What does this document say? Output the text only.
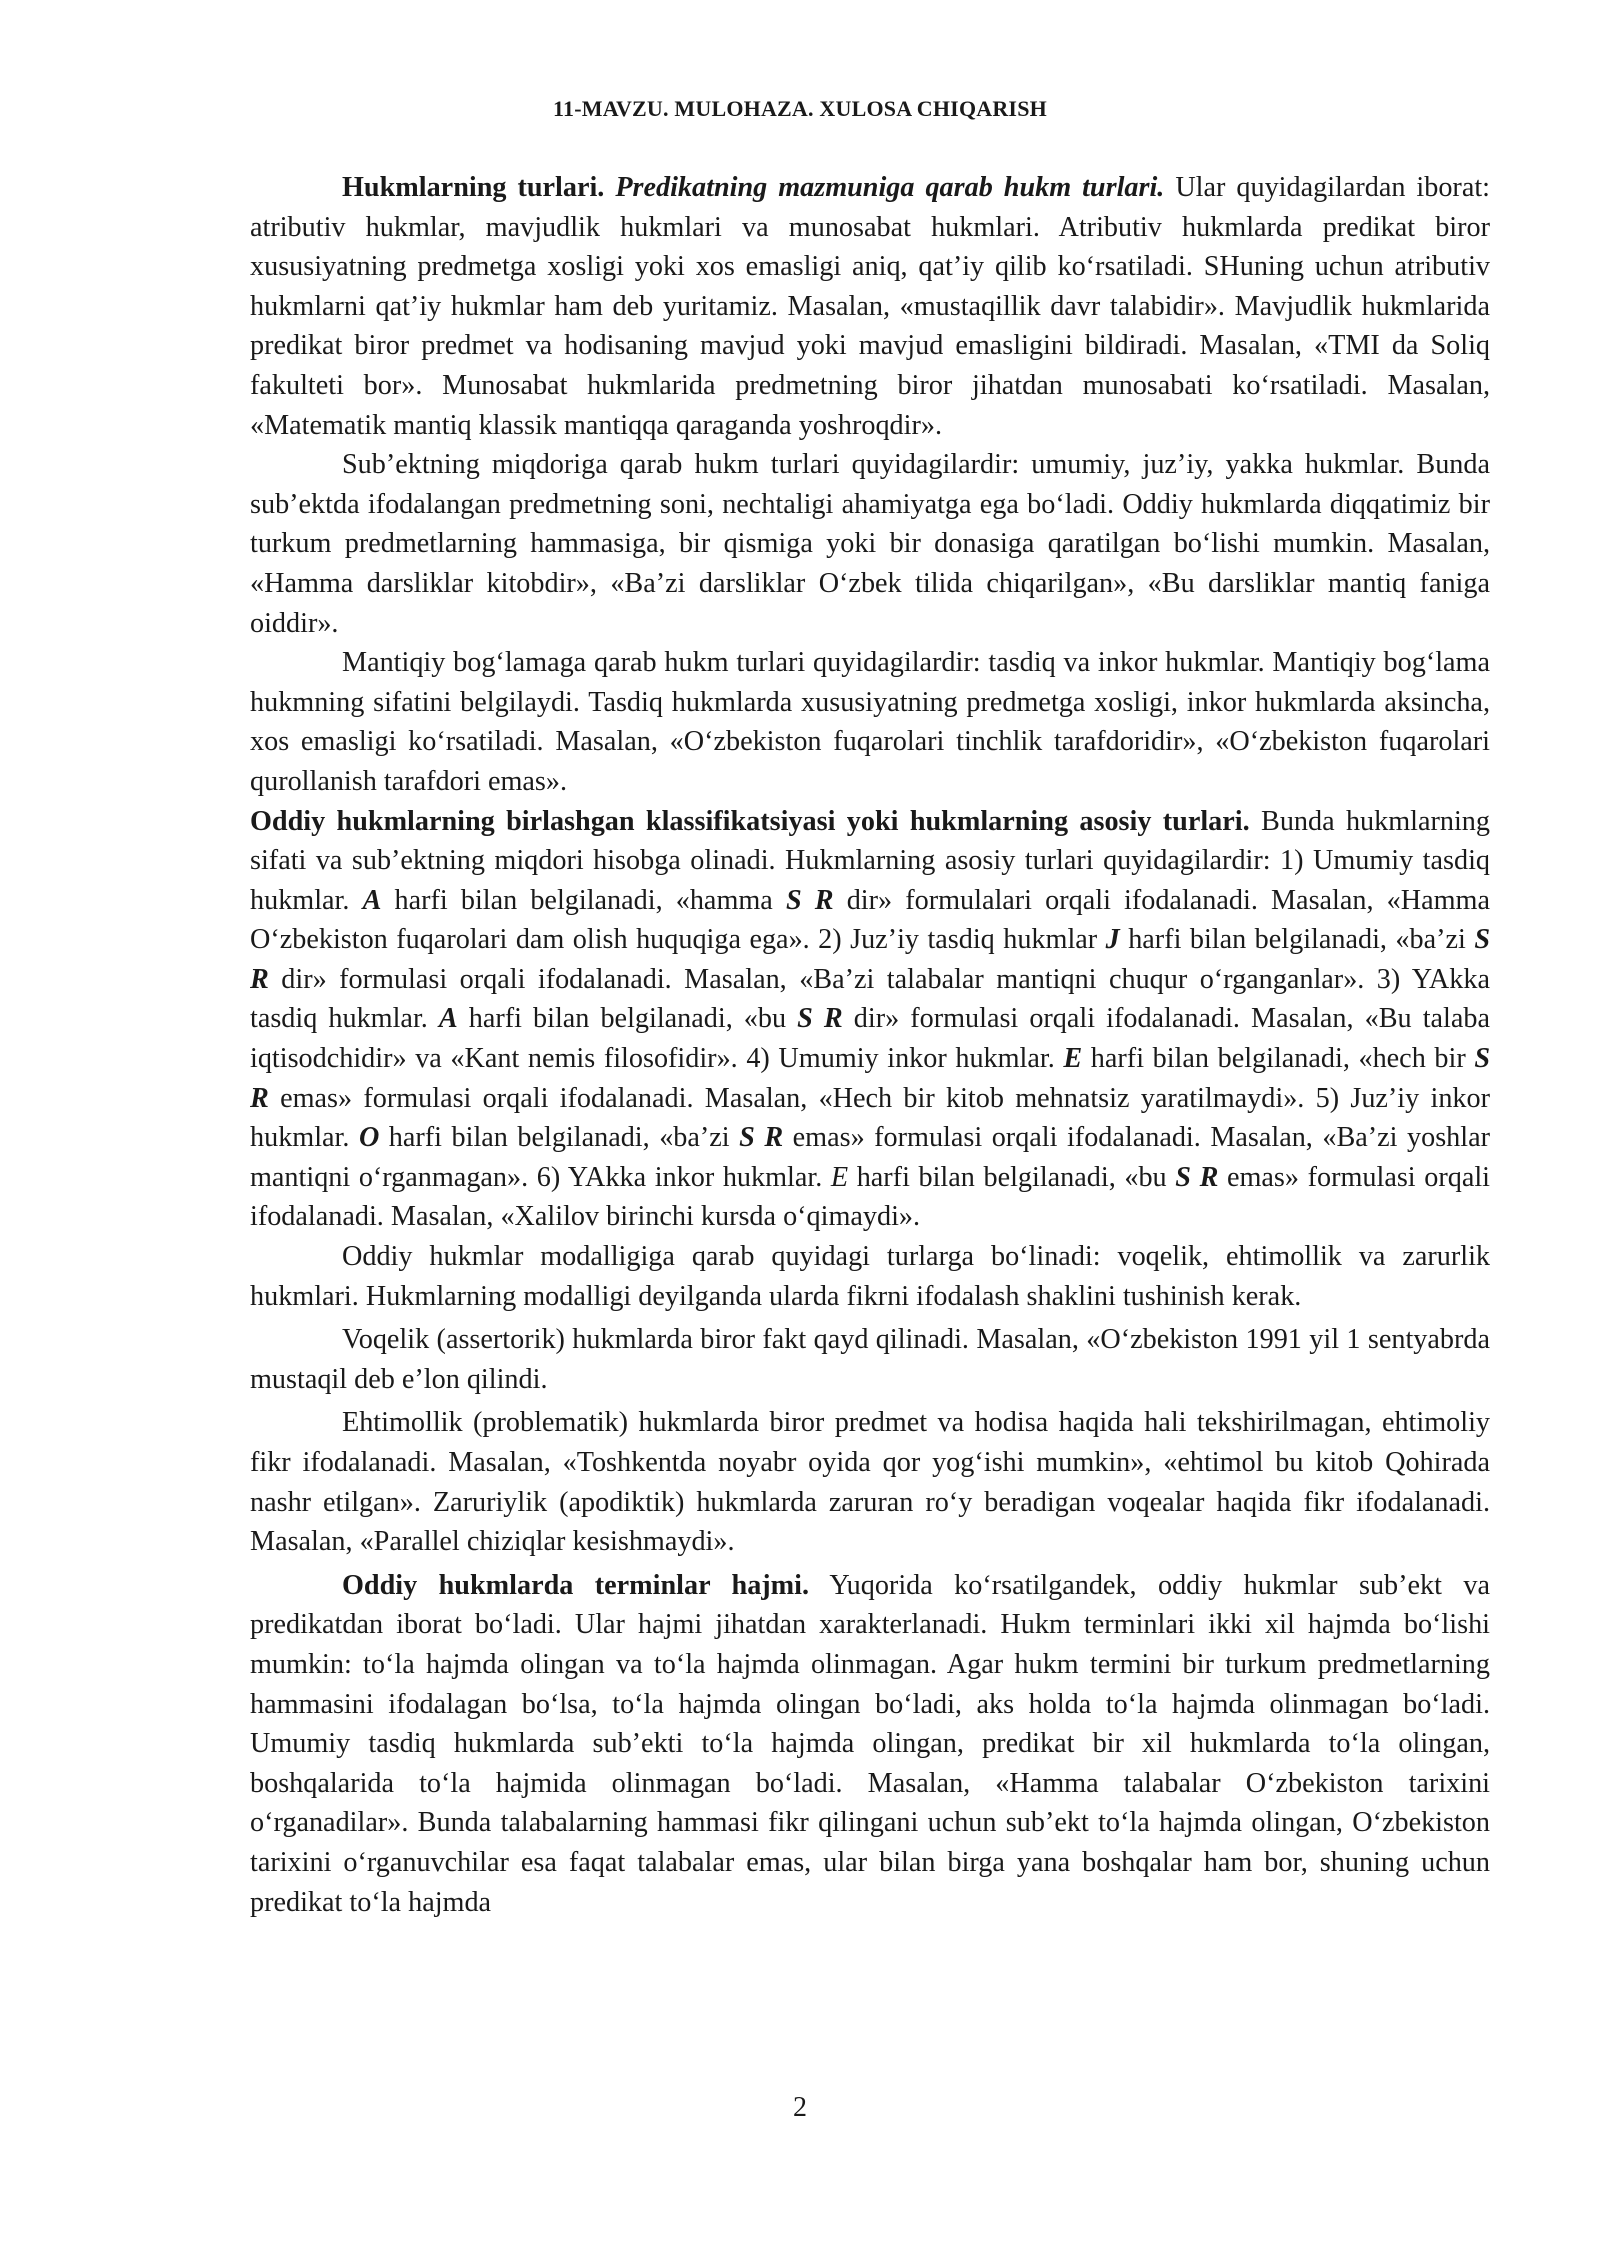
11-MAVZU. MULOHAZA. XULOSA CHIQARISH

Hukmlarning turlari. Predikatning mazmuniga qarab hukm turlari. Ular quyidagilardan iborat: atributiv hukmlar, mavjudlik hukmlari va munosabat hukmlari. Atributiv hukmlarda predikat biror xususiyatning predmetga xosligi yoki xos emasligi aniq, qat’iy qilib ko‘rsatiladi. SHuning uchun atributiv hukmlarni qat’iy hukmlar ham deb yuritamiz. Masalan, «mustaqillik davr talabidir». Mavjudlik hukmlarida predikat biror predmet va hodisaning mavjud yoki mavjud emasligini bildiradi. Masalan, «TMI da Soliq fakulteti bor». Munosabat hukmlarida predmetning biror jihatdan munosabati ko‘rsatiladi. Masalan, «Matematik mantiq klassik mantiqqa qaraganda yoshroqdir».

Sub’ektning miqdoriga qarab hukm turlari quyidagilardir: umumiy, juz’iy, yakka hukmlar. Bunda sub’ektda ifodalangan predmetning soni, nechtaligi ahamiyatga ega bo‘ladi. Oddiy hukmlarda diqqatimiz bir turkum predmetlarning hammasiga, bir qismiga yoki bir donasiga qaratilgan bo‘lishi mumkin. Masalan, «Hamma darsliklar kitobdir», «Ba’zi darsliklar O‘zbek tilida chiqarilgan», «Bu darsliklar mantiq faniga oiddir».

Mantiqiy bog‘lamaga qarab hukm turlari quyidagilardir: tasdiq va inkor hukmlar. Mantiqiy bog‘lama hukmning sifatini belgilaydi. Tasdiq hukmlarda xususiyatning predmetga xosligi, inkor hukmlarda aksincha, xos emasligi ko‘rsatiladi. Masalan, «O‘zbekiston fuqarolari tinchlik tarafdoridir», «O‘zbekiston fuqarolari qurollanish tarafdori emas».

Oddiy hukmlarning birlashgan klassifikatsiyasi yoki hukmlarning asosiy turlari. Bunda hukmlarning sifati va sub’ektning miqdori hisobga olinadi. Hukmlarning asosiy turlari quyidagilardir: 1) Umumiy tasdiq hukmlar. A harfi bilan belgilanadi, «hamma S R dir» formulalari orqali ifodalanadi. Masalan, «Hamma O‘zbekiston fuqarolari dam olish huquqiga ega». 2) Juz’iy tasdiq hukmlar J harfi bilan belgilanadi, «ba’zi S R dir» formulasi orqali ifodalanadi. Masalan, «Ba’zi talabalar mantiqni chuqur o‘rganganlar». 3) YAkka tasdiq hukmlar. A harfi bilan belgilanadi, «bu S R dir» formulasi orqali ifodalanadi. Masalan, «Bu talaba iqtisodchidir» va «Kant nemis filosofidir». 4) Umumiy inkor hukmlar. E harfi bilan belgilanadi, «hech bir S R emas» formulasi orqali ifodalanadi. Masalan, «Hech bir kitob mehnatsiz yaratilmaydi». 5) Juz’iy inkor hukmlar. O harfi bilan belgilanadi, «ba’zi S R emas» formulasi orqali ifodalanadi. Masalan, «Ba’zi yoshlar mantiqni o‘rganmagan». 6) YAkka inkor hukmlar. E harfi bilan belgilanadi, «bu S R emas» formulasi orqali ifodalanadi. Masalan, «Xalilov birinchi kursda o‘qimaydi».

Oddiy hukmlar modalligiga qarab quyidagi turlarga bo‘linadi: voqelik, ehtimollik va zarurlik hukmlari. Hukmlarning modalligi deyilganda ularda fikrni ifodalash shaklini tushinish kerak.

Voqelik (assertorik) hukmlarda biror fakt qayd qilinadi. Masalan, «O‘zbekiston 1991 yil 1 sentyabrda mustaqil deb e’lon qilindi.

Ehtimollik (problematik) hukmlarda biror predmet va hodisa haqida hali tekshirilmagan, ehtimoliy fikr ifodalanadi. Masalan, «Toshkentda noyabr oyida qor yog‘ishi mumkin», «ehtimol bu kitob Qohirada nashr etilgan». Zaruriylik (apodiktik) hukmlarda zaruran ro‘y beradigan voqealar haqida fikr ifodalanadi. Masalan, «Parallel chiziqlar kesishmaydi».

Oddiy hukmlarda terminlar hajmi. Yuqorida ko‘rsatilgandek, oddiy hukmlar sub’ekt va predikatdan iborat bo‘ladi. Ular hajmi jihatdan xarakterlanadi. Hukm terminlari ikki xil hajmda bo‘lishi mumkin: to‘la hajmda olingan va to‘la hajmda olinmagan. Agar hukm termini bir turkum predmetlarning hammasini ifodalagan bo‘lsa, to‘la hajmda olingan bo‘ladi, aks holda to‘la hajmda olinmagan bo‘ladi. Umumiy tasdiq hukmlarda sub’ekti to‘la hajmda olingan, predikat bir xil hukmlarda to‘la olingan, boshqalarida to‘la hajmida olinmagan bo‘ladi. Masalan, «Hamma talabalar O‘zbekiston tarixini o‘rganadilar». Bunda talabalarning hammasi fikr qilingani uchun sub’ekt to‘la hajmda olingan, O‘zbekiston tarixini o‘rganuvchilar esa faqat talabalar emas, ular bilan birga yana boshqalar ham bor, shuning uchun predikat to‘la hajmda

2
